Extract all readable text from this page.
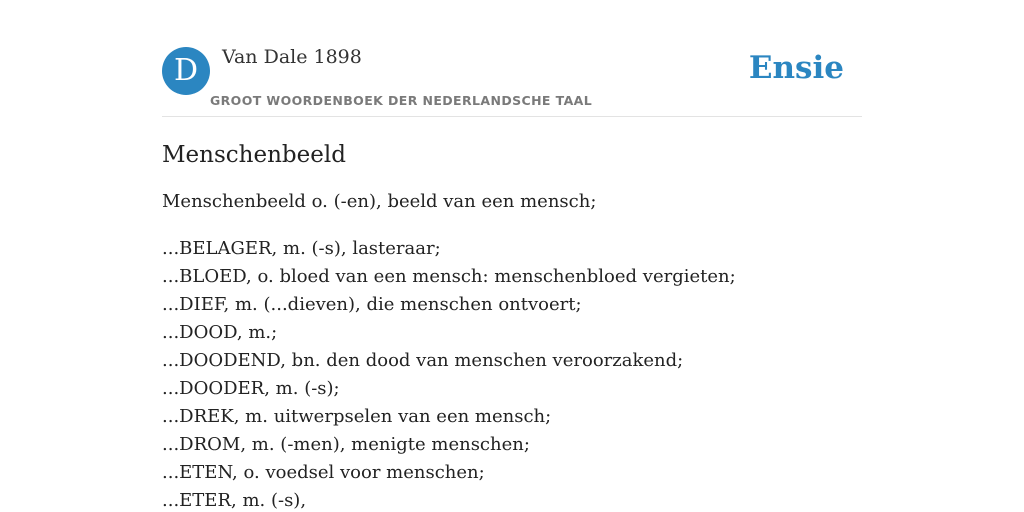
D	Van Dale 1898
GROOT WOORDENBOEK DER NEDERLANDSCHE TAAL
Ensie
Menschenbeeld
Menschenbeeld o. (-en), beeld van een mensch;
...BELAGER, m. (-s), lasteraar;
...BLOED, o. bloed van een mensch: menschenbloed vergieten;
...DIEF, m. (...dieven), die menschen ontvoert;
...DOOD, m.;
...DOODEND, bn. den dood van menschen veroorzakend;
...DOODER, m. (-s);
...DREK, m. uitwerpselen van een mensch;
...DROM, m. (-men), menigte menschen;
...ETEN, o. voedsel voor menschen;
...ETER, m. (-s),
